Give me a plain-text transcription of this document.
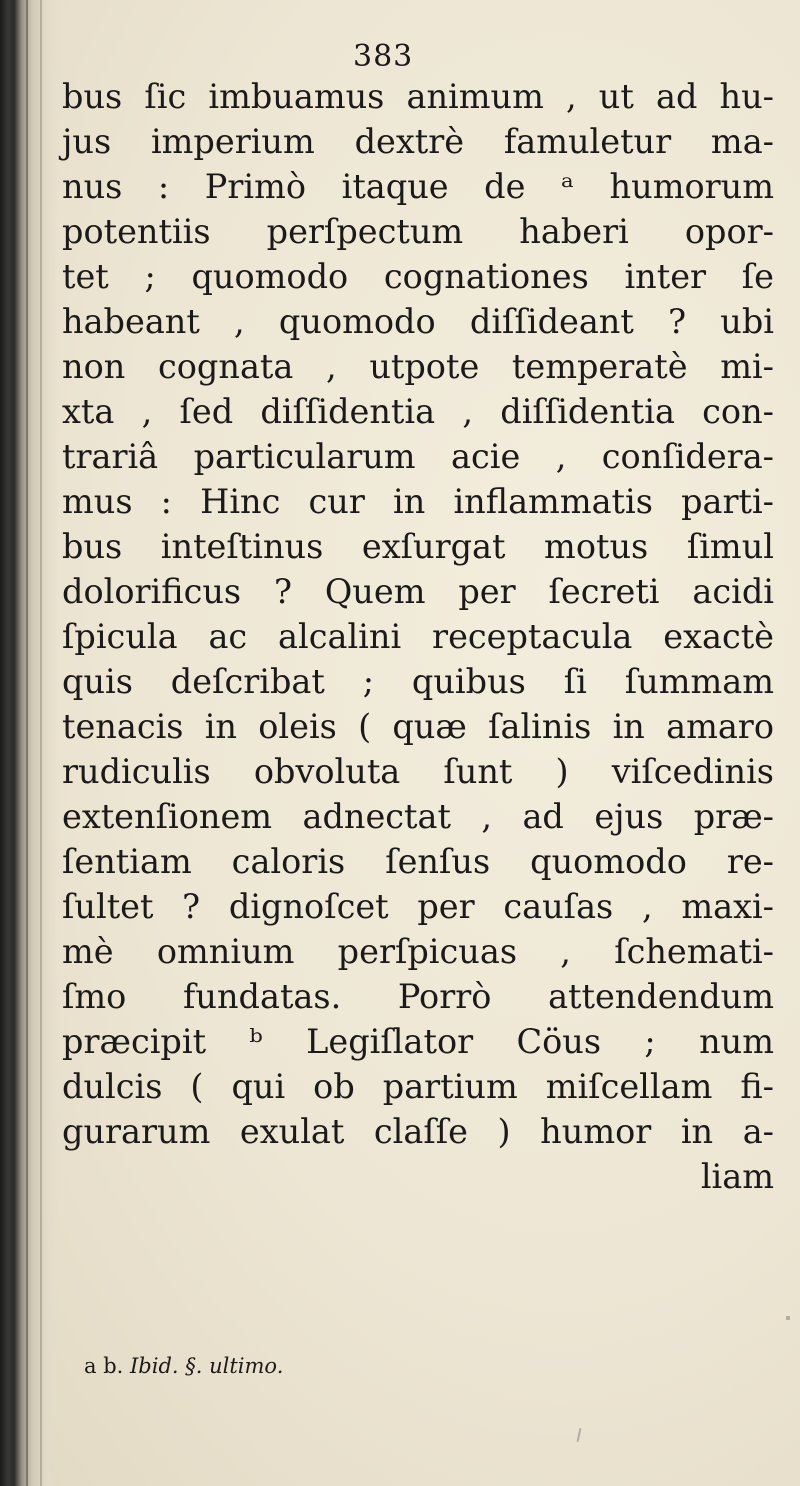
383
bus ſic imbuamus animum , ut ad hu-
jus imperium dextrè famuletur ma-
nus : Primò itaque de ᵃ humorum
potentiis perſpectum haberi opor-
tet ; quomodo cognationes inter ſe
habeant , quomodo diſſideant ? ubi
non cognata , utpote temperatè mi-
xta , ſed diſſidentia , diſſidentia con-
trariâ particularum acie , conſidera-
mus : Hinc cur in inflammatis parti-
bus inteſtinus exſurgat motus ſimul
dolorificus ? Quem per ſecreti acidi
ſpicula ac alcalini receptacula exactè
quis deſcribat ; quibus ſi ſummam
tenacis in oleis ( quæ ſalinis in amaro
rudiculis obvoluta ſunt ) viſcedinis
extenſionem adnectat , ad ejus præ-
ſentiam caloris ſenſus quomodo re-
ſultet ? dignoſcet per cauſas , maxi-
mè omnium perſpicuas , ſchemati-
ſmo fundatas. Porrò attendendum
præcipit ᵇ Legiſlator Cöus ; num
dulcis ( qui ob partium miſcellam fi-
gurarum exulat claſſe ) humor in a-
liam
a b. Ibid. §. ultimo.
